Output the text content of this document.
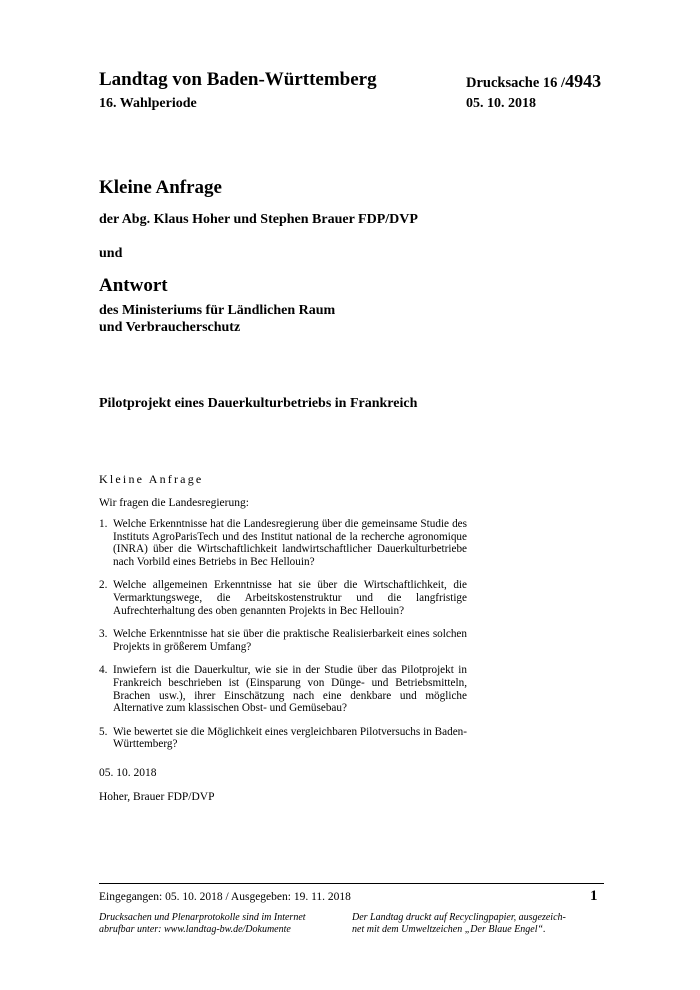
Landtag von Baden-Württemberg
16. Wahlperiode
Drucksache 16 /4943
05. 10. 2018
Kleine Anfrage
der Abg. Klaus Hoher und Stephen Brauer FDP/DVP
und
Antwort
des Ministeriums für Ländlichen Raum
und Verbraucherschutz
Pilotprojekt eines Dauerkulturbetriebs in Frankreich
Kleine Anfrage
Wir fragen die Landesregierung:
1. Welche Erkenntnisse hat die Landesregierung über die gemeinsame Studie des Instituts AgroParisTech und des Institut national de la recherche agronomique (INRA) über die Wirtschaftlichkeit landwirtschaftlicher Dauerkulturbetriebe nach Vorbild eines Betriebs in Bec Hellouin?
2. Welche allgemeinen Erkenntnisse hat sie über die Wirtschaftlichkeit, die Vermarktungswege, die Arbeitskostenstruktur und die langfristige Aufrechterhaltung des oben genannten Projekts in Bec Hellouin?
3. Welche Erkenntnisse hat sie über die praktische Realisierbarkeit eines solchen Projekts in größerem Umfang?
4. Inwiefern ist die Dauerkultur, wie sie in der Studie über das Pilotprojekt in Frankreich beschrieben ist (Einsparung von Dünge- und Betriebsmitteln, Brachen usw.), ihrer Einschätzung nach eine denkbare und mögliche Alternative zum klassischen Obst- und Gemüsebau?
5. Wie bewertet sie die Möglichkeit eines vergleichbaren Pilotversuchs in Baden-Württemberg?
05. 10. 2018
Hoher, Brauer FDP/DVP
Eingegangen: 05. 10. 2018 / Ausgegeben: 19. 11. 2018	1
Drucksachen und Plenarprotokolle sind im Internet
abrufbar unter: www.landtag-bw.de/Dokumente
Der Landtag druckt auf Recyclingpapier, ausgezeich-
net mit dem Umweltzeichen „Der Blaue Engel“.
